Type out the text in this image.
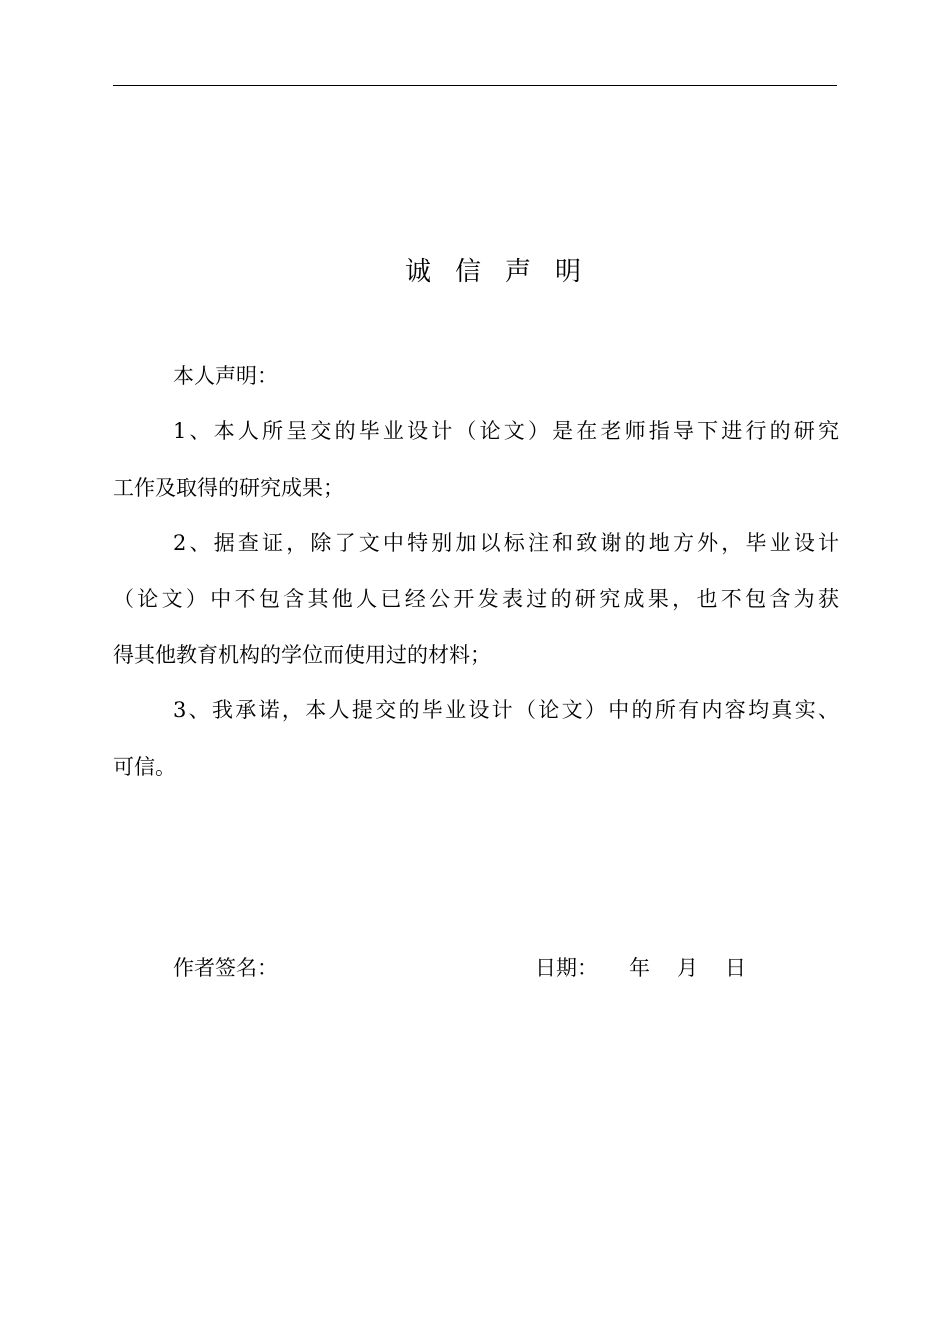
诚信声明
本人声明：
1、本人所呈交的毕业设计（论文）是在老师指导下进行的研究
工作及取得的研究成果；
2、据查证，除了文中特别加以标注和致谢的地方外，毕业设计
（论文）中不包含其他人已经公开发表过的研究成果，也不包含为获
得其他教育机构的学位而使用过的材料；
3、我承诺，本人提交的毕业设计（论文）中的所有内容均真实、
可信。
作者签名：	日期： 年 月 日
